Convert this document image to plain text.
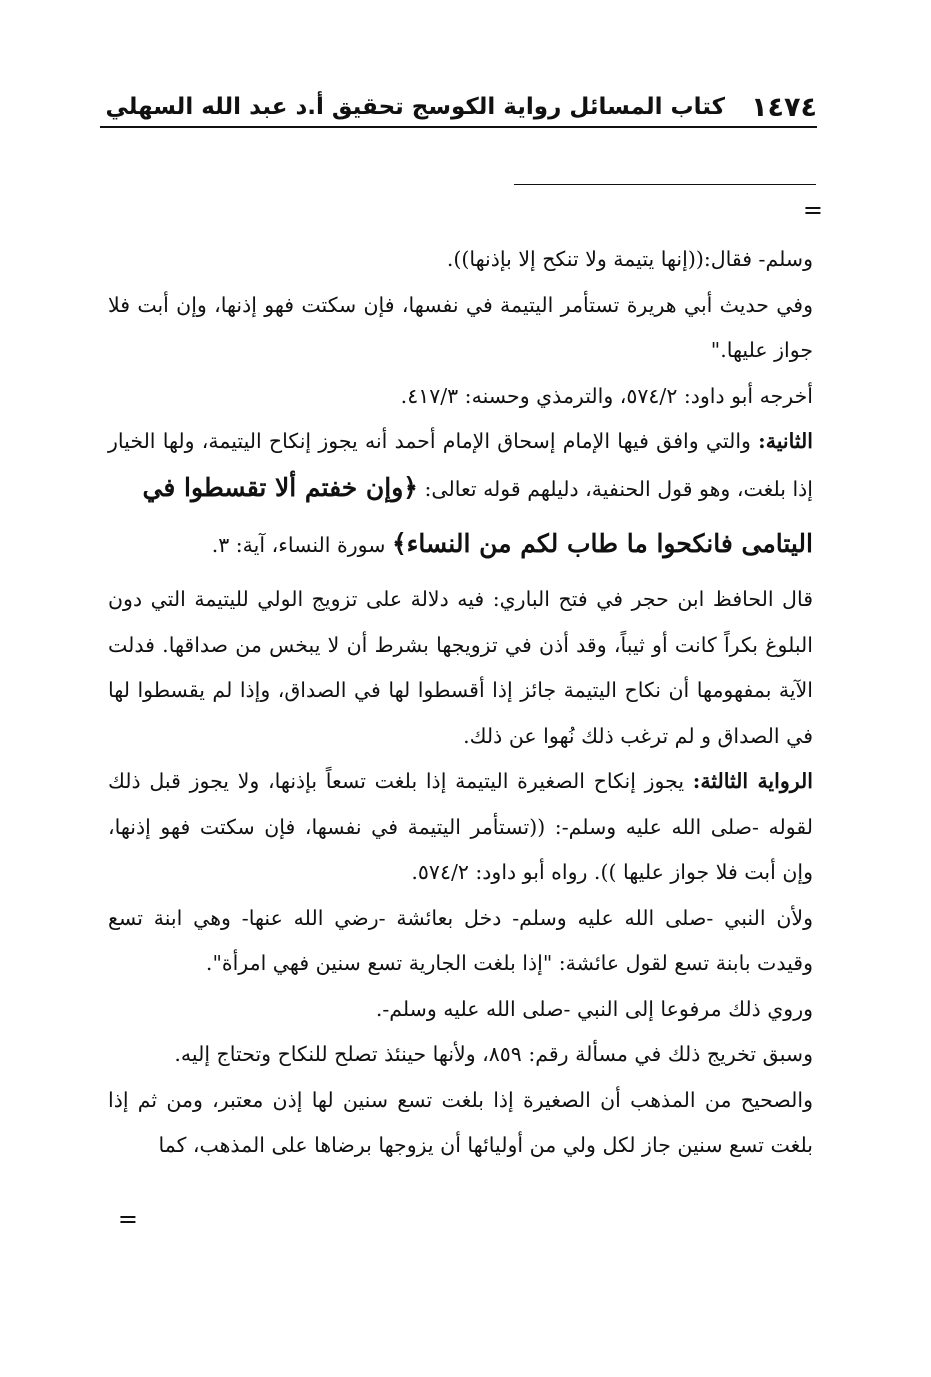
١٤٧٤
كتاب المسائل رواية الكوسج تحقيق أ.د عبد الله السهلي
=

وسلم- فقال:((إنها يتيمة ولا تنكح إلا بإذنها)).

وفي حديث أبي هريرة تستأمر اليتيمة في نفسها، فإن سكتت فهو إذنها، وإن أبت فلا جواز عليها."

أخرجه أبو داود: ٥٧٤/٢، والترمذي وحسنه: ٤١٧/٣.

الثانية: والتي وافق فيها الإمام إسحاق الإمام أحمد أنه يجوز إنكاح اليتيمة، ولها الخيار إذا بلغت، وهو قول الحنفية، دليلهم قوله تعالى: ﴿وإن خفتم ألا تقسطوا في

اليتامى فانكحوا ما طاب لكم من النساء﴾ سورة النساء، آية: ٣.

قال الحافظ ابن حجر في فتح الباري: فيه دلالة على تزويج الولي لليتيمة التي دون البلوغ بكراً كانت أو ثيباً، وقد أذن في تزويجها بشرط أن لا يبخس من صداقها. فدلت الآية بمفهومها أن نكاح اليتيمة جائز إذا أقسطوا لها في الصداق، وإذا لم يقسطوا لها في الصداق و لم ترغب ذلك نُهوا عن ذلك.

الرواية الثالثة: يجوز إنكاح الصغيرة اليتيمة إذا بلغت تسعاً بإذنها، ولا يجوز قبل ذلك لقوله -صلى الله عليه وسلم-: ((تستأمر اليتيمة في نفسها، فإن سكتت فهو إذنها، وإن أبت فلا جواز عليها )). رواه أبو داود: ٥٧٤/٢.

ولأن النبي -صلى الله عليه وسلم- دخل بعائشة -رضي الله عنها- وهي ابنة تسع وقيدت بابنة تسع لقول عائشة: "إذا بلغت الجارية تسع سنين فهي امرأة".

وروي ذلك مرفوعا إلى النبي -صلى الله عليه وسلم-.

وسبق تخريج ذلك في مسألة رقم: ٨٥٩، ولأنها حينئذ تصلح للنكاح وتحتاج إليه.

والصحيح من المذهب أن الصغيرة إذا بلغت تسع سنين لها إذن معتبر، ومن ثم إذا بلغت تسع سنين جاز لكل ولي من أوليائها أن يزوجها برضاها على المذهب، كما

=
